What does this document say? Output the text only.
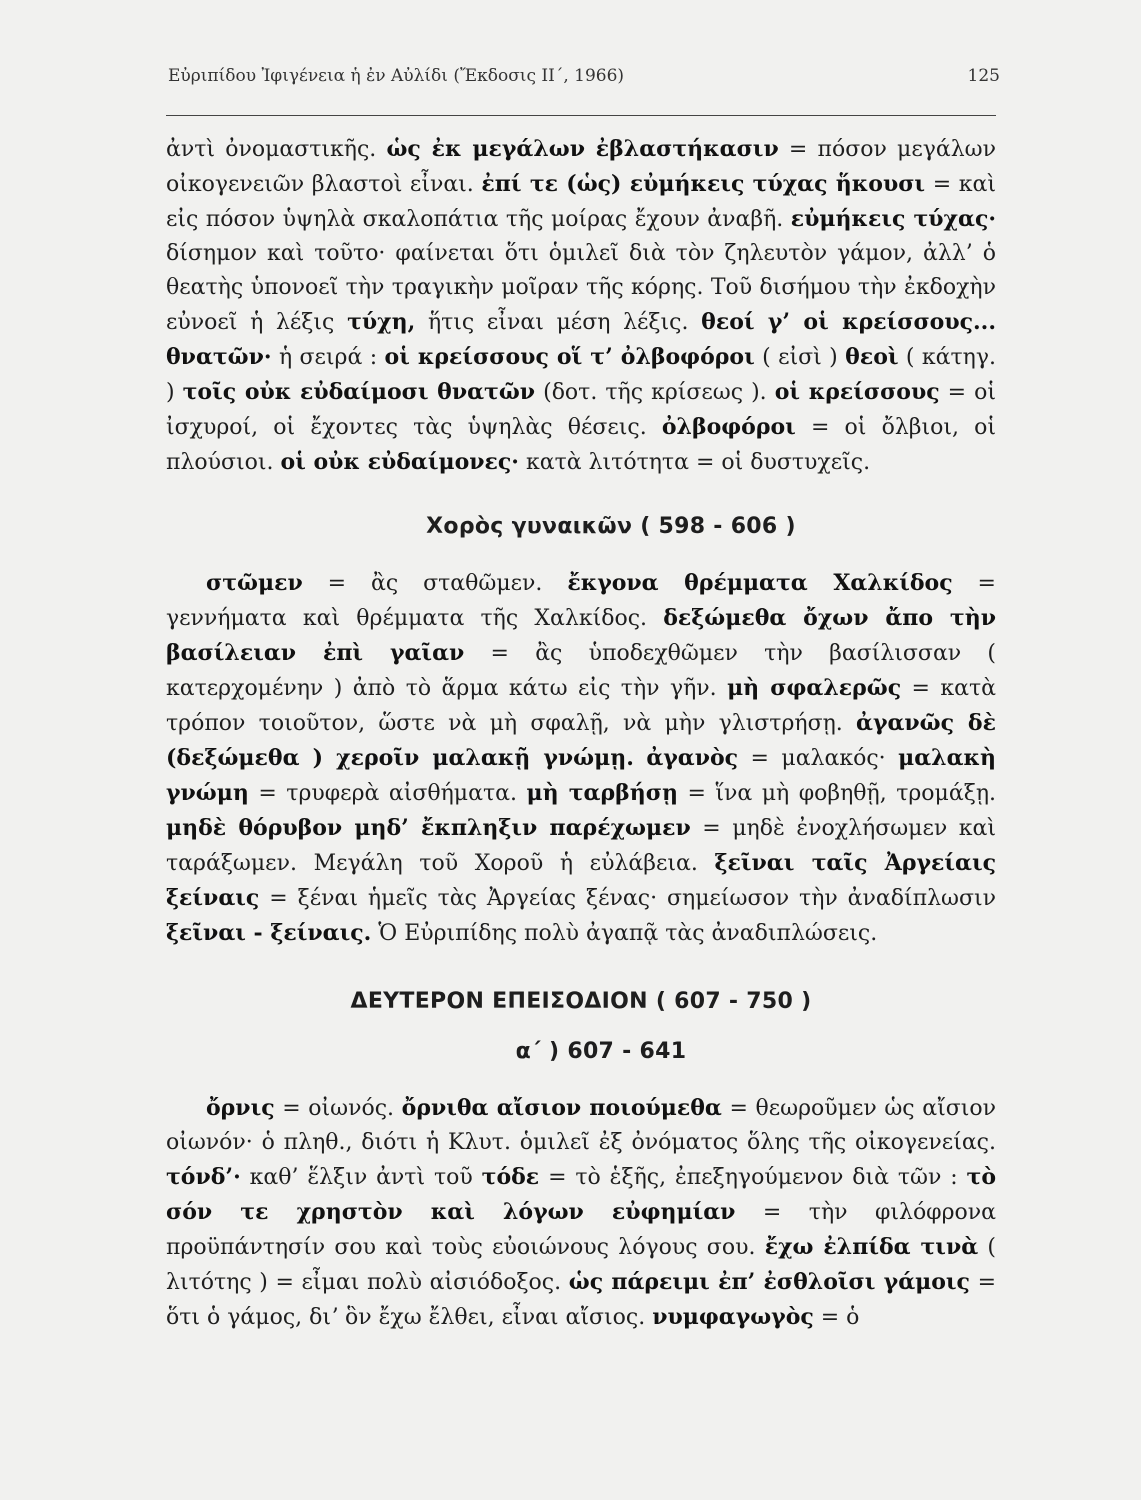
Εὐριπίδου Ἰφιγένεια ἡ ἐν Αὐλίδι (Ἔκδοσις ΙΙ΄, 1966)	125

ἀντὶ ὀνομαστικῆς. ὡς ἐκ μεγάλων ἐβλαστήκασιν = πόσον μεγάλων οἰκογενειῶν βλαστοὶ εἶναι. ἐπί τε (ὡς) εὐμήκεις τύχας ἥκουσι = καὶ εἰς πόσον ὑψηλὰ σκαλοπάτια τῆς μοίρας ἔχουν ἀναβῆ. εὐμήκεις τύχας· δίσημον καὶ τοῦτο· φαίνεται ὅτι ὁμιλεῖ διὰ τὸν ζηλευτὸν γάμον, ἀλλ’ ὁ θεατὴς ὑπονοεῖ τὴν τραγικὴν μοῖραν τῆς κόρης. Τοῦ δισήμου τὴν ἐκδοχὴν εὐνοεῖ ἡ λέξις τύχη, ἥτις εἶναι μέση λέξις. θεοί γ’ οἱ κρείσσους... θνατῶν· ἡ σειρά : οἱ κρείσσους οἵ τ’ ὀλβοφόροι ( εἰσὶ ) θεοὶ ( κάτηγ. ) τοῖς οὐκ εὐδαίμοσι θνατῶν (δοτ. τῆς κρίσεως ). οἱ κρείσσους = οἱ ἰσχυροί, οἱ ἔχοντες τὰς ὑψηλὰς θέσεις. ὀλβοφόροι = οἱ ὄλβιοι, οἱ πλούσιοι. οἱ οὐκ εὐδαίμονες· κατὰ λιτότητα = οἱ δυστυχεῖς.

Χορὸς γυναικῶν ( 598 - 606 )

στῶμεν = ἂς σταθῶμεν. ἔκγονα θρέμματα Χαλκίδος = γεννήματα καὶ θρέμματα τῆς Χαλκίδος. δεξώμεθα ὄχων ἄπο τὴν βασίλειαν ἐπὶ γαῖαν = ἂς ὑποδεχθῶμεν τὴν βασίλισσαν ( κατερχομένην ) ἀπὸ τὸ ἅρμα κάτω εἰς τὴν γῆν. μὴ σφαλερῶς = κατὰ τρόπον τοιοῦτον, ὥστε νὰ μὴ σφαλῇ, νὰ μὴν γλιστρήσῃ. ἀγανῶς δὲ (δεξώμεθα ) χεροῖν μαλακῇ γνώμῃ. ἀγανὸς = μαλακός· μαλακὴ γνώμη = τρυφερὰ αἰσθήματα. μὴ ταρβήσῃ = ἵνα μὴ φοβηθῇ, τρομάξῃ. μηδὲ θόρυβον μηδ’ ἔκπληξιν παρέχωμεν = μηδὲ ἐνοχλήσωμεν καὶ ταράξωμεν. Μεγάλη τοῦ Χοροῦ ἡ εὐλάβεια. ξεῖναι ταῖς Ἀργείαις ξείναις = ξέναι ἡμεῖς τὰς Ἀργείας ξένας· σημείωσον τὴν ἀναδίπλωσιν ξεῖναι - ξείναις. Ὁ Εὐριπίδης πολὺ ἀγαπᾷ τὰς ἀναδιπλώσεις.

ΔΕΥΤΕΡΟΝ ΕΠΕΙΣΟΔΙΟΝ ( 607 - 750 )
α΄ ) 607 - 641

ὄρνις = οἰωνός. ὄρνιθα αἴσιον ποιούμεθα = θεωροῦμεν ὡς αἴσιον οἰωνόν· ὁ πληθ., διότι ἡ Κλυτ. ὁμιλεῖ ἐξ ὀνόματος ὅλης τῆς οἰκογενείας. τόνδ’· καθ’ ἕλξιν ἀντὶ τοῦ τόδε = τὸ ἑξῆς, ἐπεξηγούμενον διὰ τῶν : τὸ σόν τε χρηστὸν καὶ λόγων εὐφημίαν = τὴν φιλόφρονα προϋπάντησίν σου καὶ τοὺς εὐοιώνους λόγους σου. ἔχω ἐλπίδα τινὰ ( λιτότης ) = εἶμαι πολὺ αἰσιόδοξος. ὡς πάρειμι ἐπ’ ἐσθλοῖσι γάμοις = ὅτι ὁ γάμος, διʼ ὃν ἔχω ἔλθει, εἶναι αἴσιος. νυμφαγωγὸς = ὁ
